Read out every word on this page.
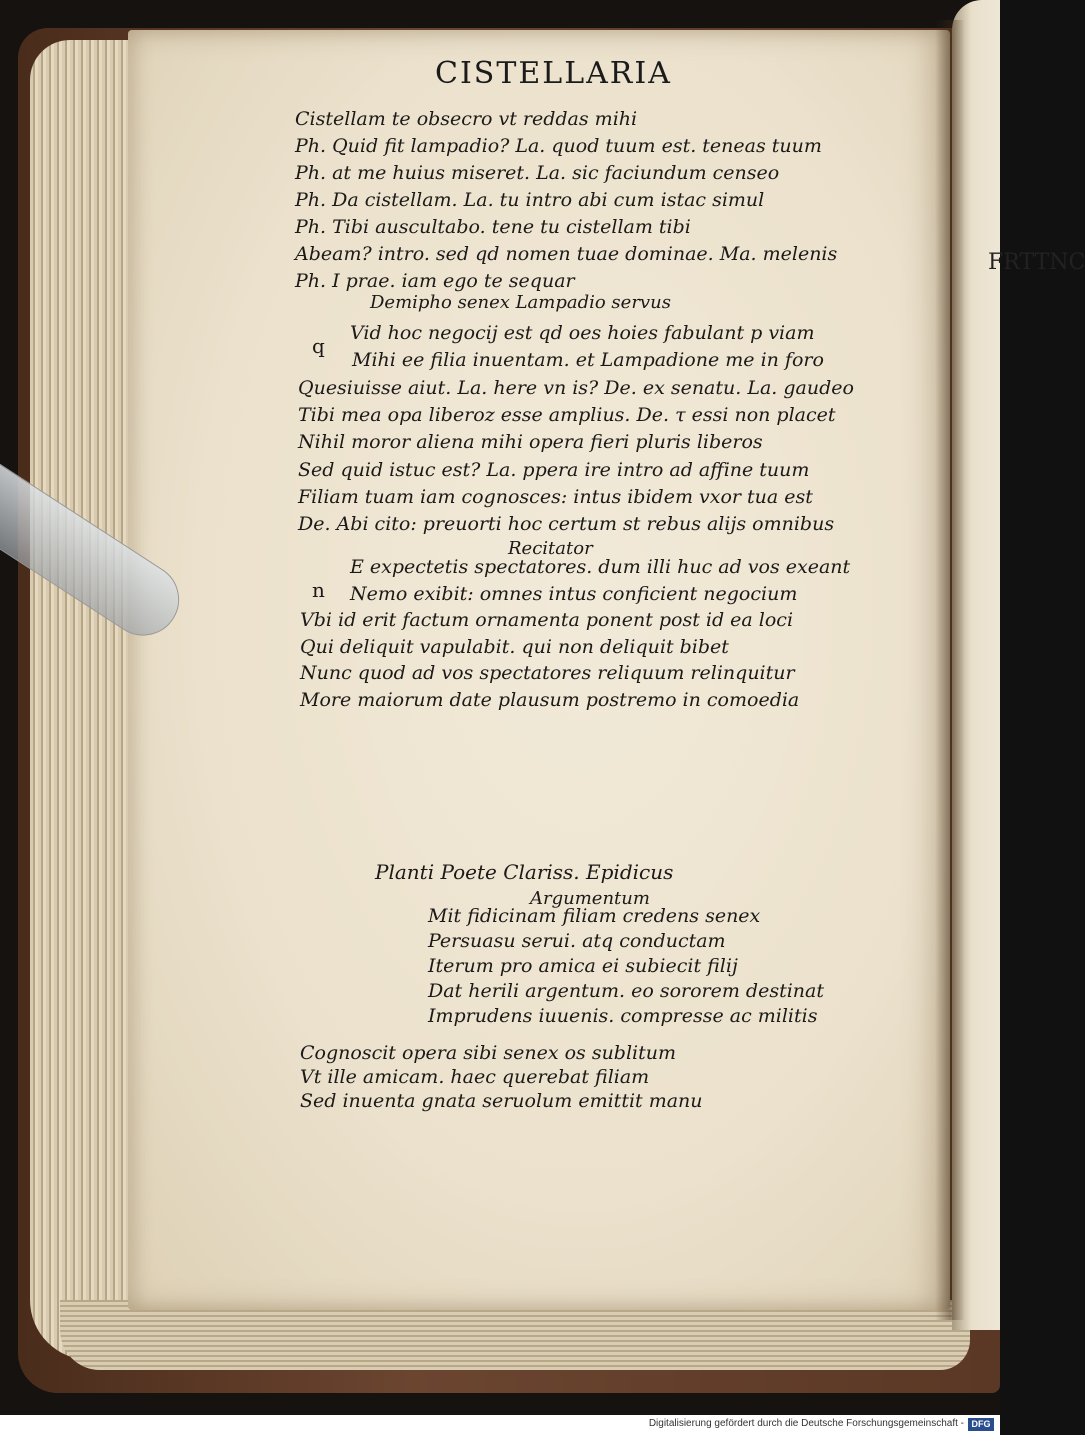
FRTTNC
CISTELLARIA
Cistellam te obsecro vt reddas mihi
Ph. Quid fit lampadio? La. quod tuum est. teneas tuum
Ph. at me huius miseret. La. sic faciundum censeo
Ph. Da cistellam. La. tu intro abi cum istac simul
Ph. Tibi auscultabo. tene tu cistellam tibi
Abeam? intro. sed qd nomen tuae dominae. Ma. melenis
Ph. I prae. iam ego te sequar
Demipho senex Lampadio servus
q
Vid hoc negocij est qd oes hoies fabulant p viam
Mihi ee filia inuentam. et Lampadione me in foro
Quesiuisse aiut. La. here vn is? De. ex senatu. La. gaudeo
Tibi mea opa liberoz esse amplius. De. τ essi non placet
Nihil moror aliena mihi opera fieri pluris liberos
Sed quid istuc est? La. ppera ire intro ad affine tuum
Filiam tuam iam cognosces: intus ibidem vxor tua est
De. Abi cito: preuorti hoc certum st rebus alijs omnibus
Recitator
n
E expectetis spectatores. dum illi huc ad vos exeant
Nemo exibit: omnes intus conficient negocium
Vbi id erit factum ornamenta ponent post id ea loci
Qui deliquit vapulabit. qui non deliquit bibet
Nunc quod ad vos spectatores reliquum relinquitur
More maiorum date plausum postremo in comoedia
Planti Poete Clariss. Epidicus
Argumentum
Mit fidicinam filiam credens senex
Persuasu serui. atq conductam
Iterum pro amica ei subiecit filij
Dat herili argentum. eo sororem destinat
Imprudens iuuenis. compresse ac militis
Cognoscit opera sibi senex os sublitum
Vt ille amicam. haec querebat filiam
Sed inuenta gnata seruolum emittit manu
Digitalisierung gefördert durch die Deutsche Forschungsgemeinschaft - DFG
